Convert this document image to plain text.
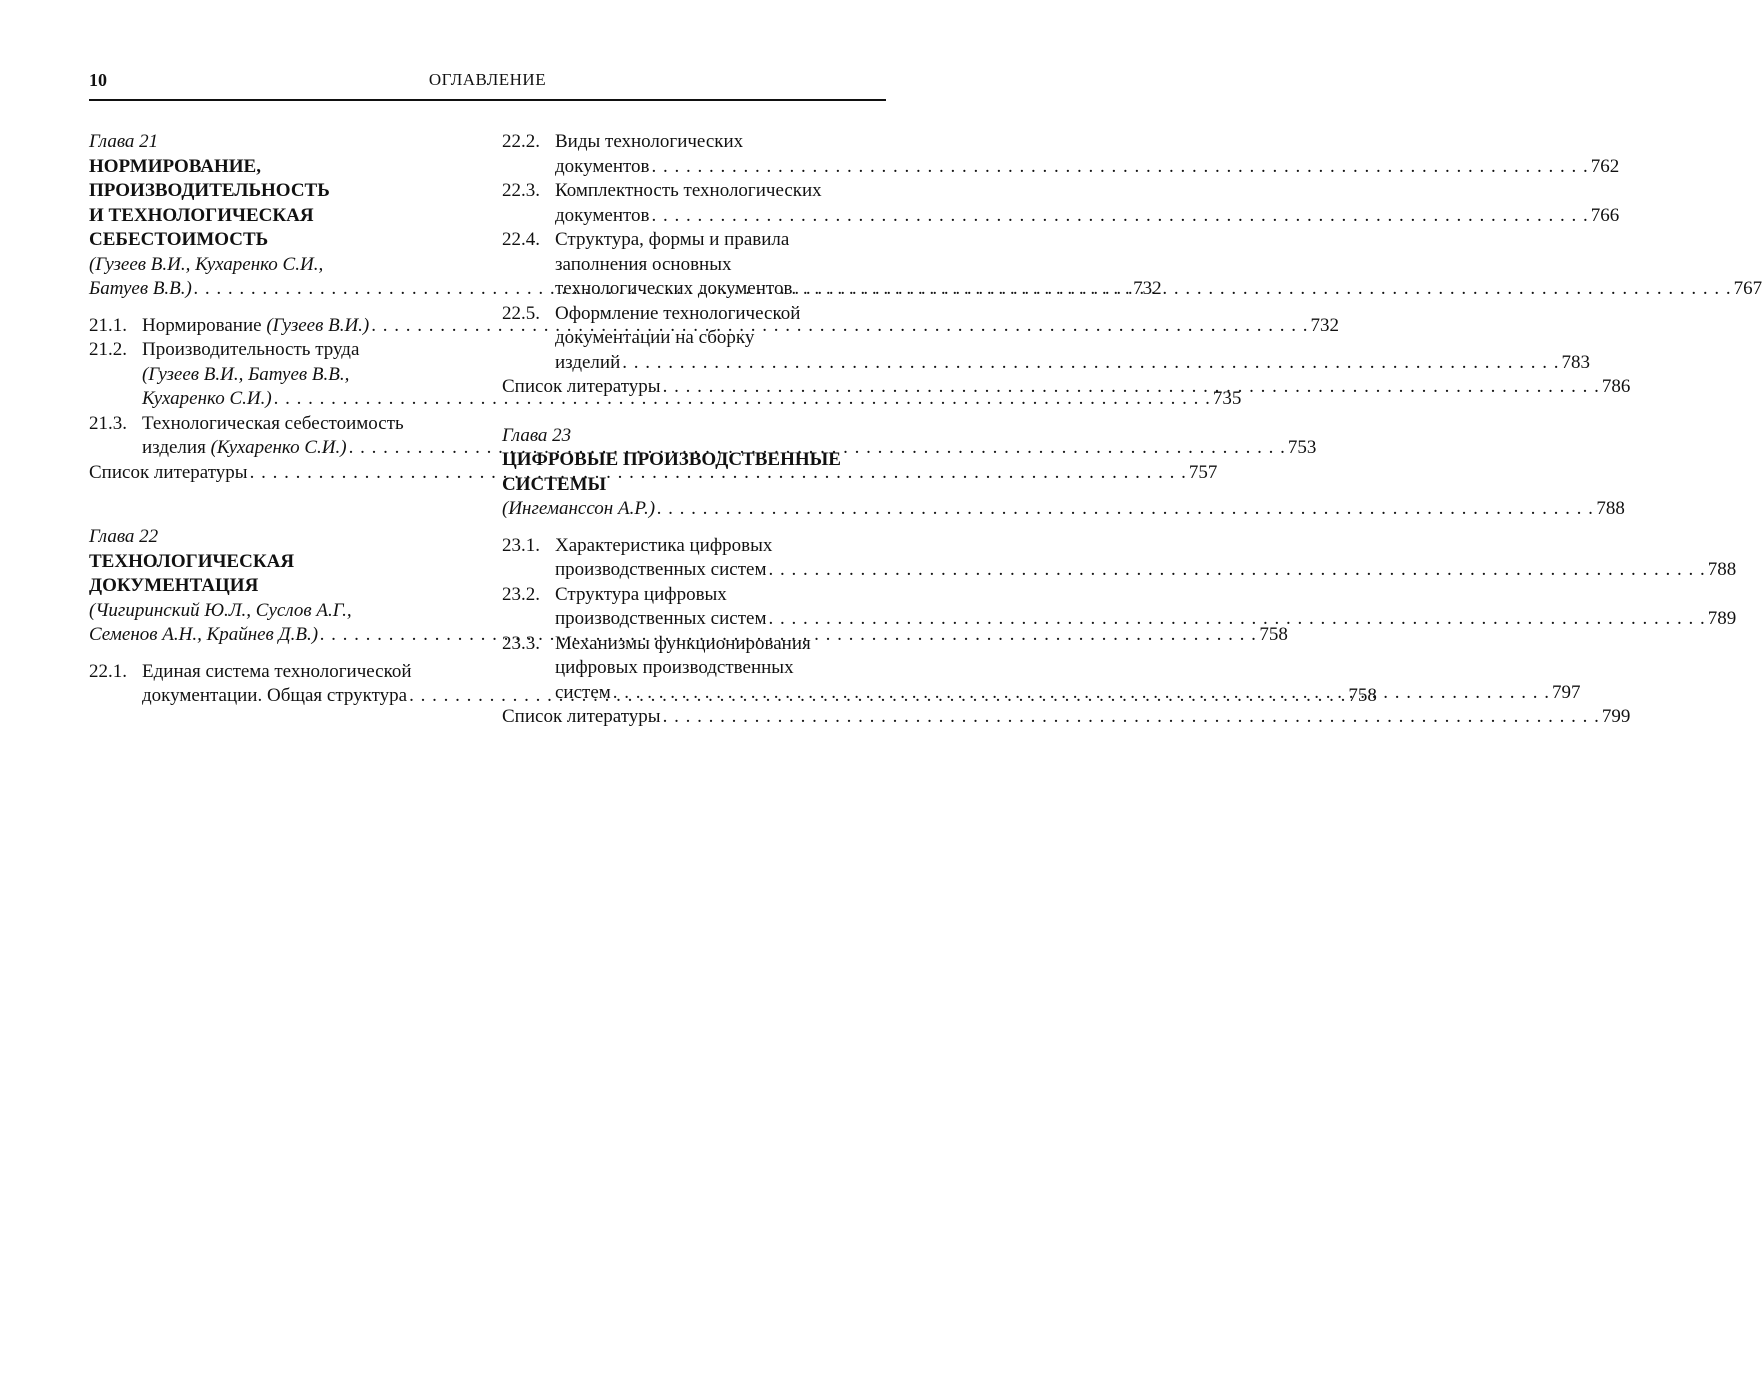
10	ОГЛАВЛЕНИЕ
Глава 21
НОРМИРОВАНИЕ,
ПРОИЗВОДИТЕЛЬНОСТЬ
И ТЕХНОЛОГИЧЕСКАЯ
СЕБЕСТОИМОСТЬ
(Гузеев В.И., Кухаренко С.И.,
Батуев В.В.) . . .	732
21.1. Нормирование (Гузеев В.И.) . . .	732
21.2. Производительность труда
(Гузеев В.И., Батуев В.В.,
Кухаренко С.И.) . . .	735
21.3. Технологическая себестоимость
изделия (Кухаренко С.И.) . . .	753
Список литературы . . .	757
Глава 22
ТЕХНОЛОГИЧЕСКАЯ
ДОКУМЕНТАЦИЯ
(Чигиринский Ю.Л., Суслов А.Г.,
Семенов А.Н., Крайнев Д.В.) . . .	758
22.1. Единая система технологической
документации. Общая структура . . .	758
22.2. Виды технологических
документов . . .	762
22.3. Комплектность технологических
документов . . .	766
22.4. Структура, формы и правила
заполнения основных
технологических документов . . .	767
22.5. Оформление технологической
документации на сборку
изделий . . .	783
Список литературы . . .	786
Глава 23
ЦИФРОВЫЕ ПРОИЗВОДСТВЕННЫЕ
СИСТЕМЫ
(Ингеманссон А.Р.) . . .	788
23.1. Характеристика цифровых
производственных систем . . .	788
23.2. Структура цифровых
производственных систем . . .	789
23.3. Механизмы функционирования
цифровых производственных
систем . . .	797
Список литературы . . .	799
